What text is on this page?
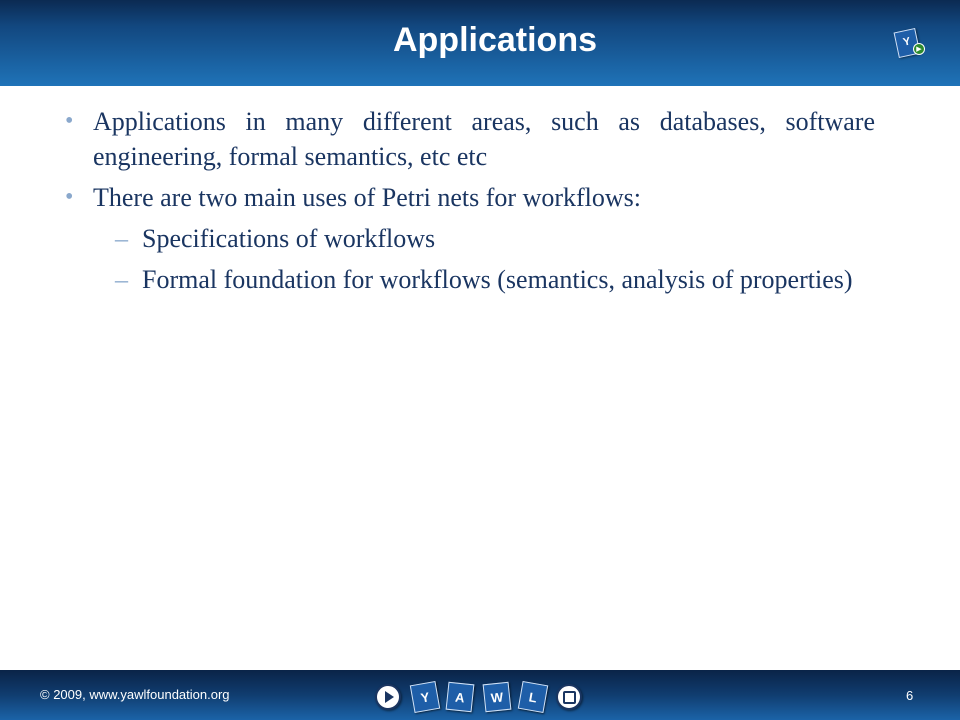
Applications	Y
▶
• Applications in many different areas, such as databases, software engineering, formal semantics, etc etc
• There are two main uses of Petri nets for workflows:
– Specifications of workflows
– Formal foundation for workflows (semantics, analysis of properties)
© 2009, www.yawlfoundation.org	6
Y	A	W	L
